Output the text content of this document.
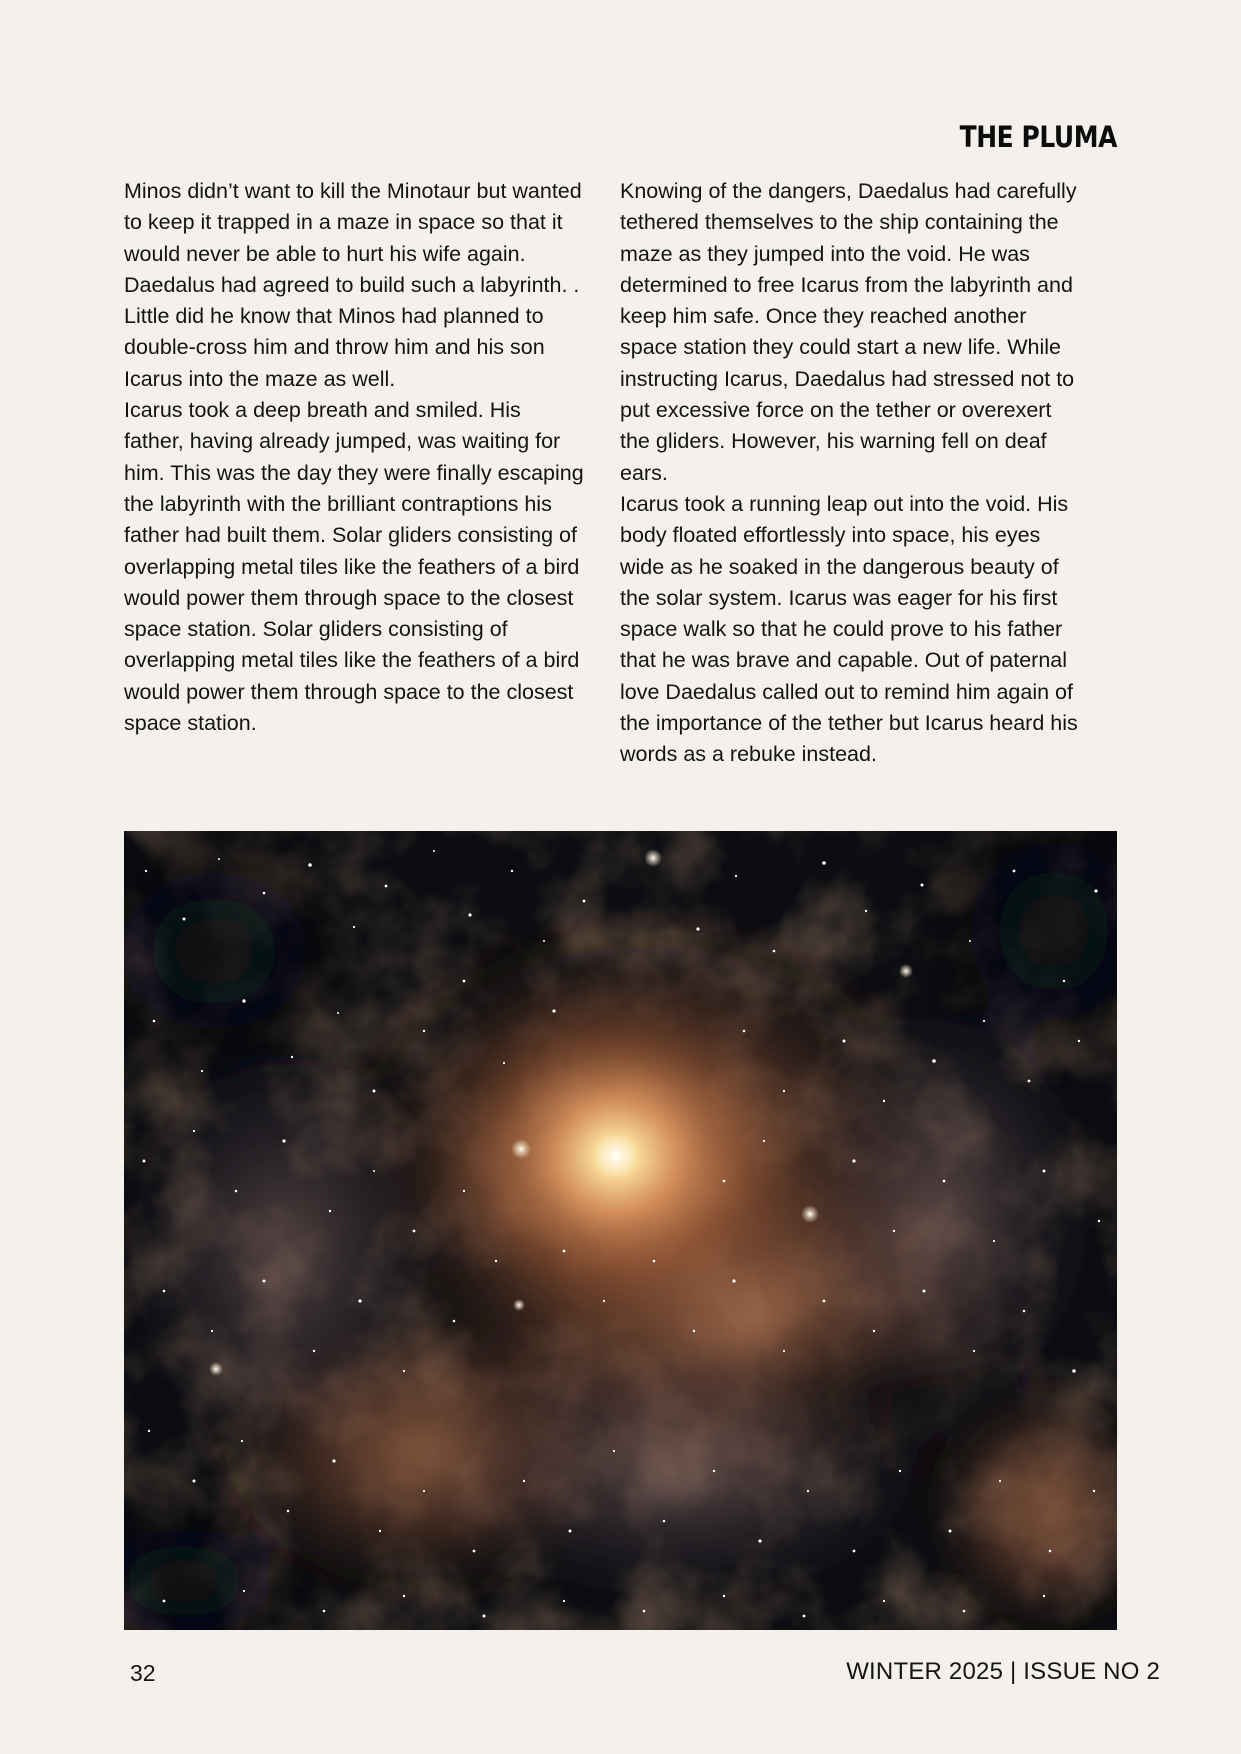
THE PLUMA

Minos didn’t want to kill the Minotaur but wanted to keep it trapped in a maze in space so that it would never be able to hurt his wife again. Daedalus had agreed to build such a labyrinth. . Little did he know that Minos had planned to double-cross him and throw him and his son Icarus into the maze as well.

Icarus took a deep breath and smiled. His father, having already jumped, was waiting for him. This was the day they were finally escaping the labyrinth with the brilliant contraptions his father had built them. Solar gliders consisting of overlapping metal tiles like the feathers of a bird would power them through space to the closest space station. Solar gliders consisting of overlapping metal tiles like the feathers of a bird would power them through space to the closest space station.

Knowing of the dangers, Daedalus had carefully tethered themselves to the ship containing the maze as they jumped into the void. He was determined to free Icarus from the labyrinth and keep him safe. Once they reached another space station they could start a new life. While instructing Icarus, Daedalus had stressed not to put excessive force on the tether or overexert the gliders. However, his warning fell on deaf ears.

Icarus took a running leap out into the void. His body floated effortlessly into space, his eyes wide as he soaked in the dangerous beauty of the solar system. Icarus was eager for his first space walk so that he could prove to his father that he was brave and capable. Out of paternal love Daedalus called out to remind him again of the importance of the tether but Icarus heard his words as a rebuke instead.

32	WINTER 2025 | ISSUE NO 2
